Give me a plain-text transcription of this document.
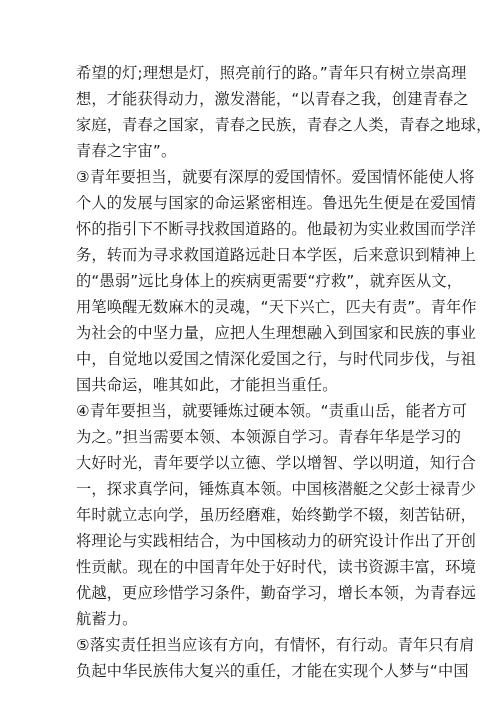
希望的灯;理想是灯，照亮前行的路。”青年只有树立崇高理
想，才能获得动力，激发潜能，“以青春之我，创建青春之
家庭，青春之国家，青春之民族，青春之人类，青春之地球，
青春之宇宙”。
③青年要担当，就要有深厚的爱国情怀。爱国情怀能使人将
个人的发展与国家的命运紧密相连。鲁迅先生便是在爱国情
怀的指引下不断寻找救国道路的。他最初为实业救国而学洋
务，转而为寻求救国道路远赴日本学医，后来意识到精神上
的“愚弱”远比身体上的疾病更需要“疗救”，就弃医从文，
用笔唤醒无数麻木的灵魂，“天下兴亡，匹夫有责”。青年作
为社会的中坚力量，应把人生理想融入到国家和民族的事业
中，自觉地以爱国之情深化爱国之行，与时代同步伐，与祖
国共命运，唯其如此，才能担当重任。
④青年要担当，就要锤炼过硬本领。“责重山岳，能者方可
为之。”担当需要本领、本领源自学习。青春年华是学习的
大好时光，青年要学以立德、学以增智、学以明道，知行合
一，探求真学问，锤炼真本领。中国核潜艇之父彭士禄青少
年时就立志向学，虽历经磨难，始终勤学不辍，刻苦钻研，
将理论与实践相结合，为中国核动力的研究设计作出了开创
性贡献。现在的中国青年处于好时代，读书资源丰富，环境
优越，更应珍惜学习条件，勤奋学习，增长本领，为青春远
航蓄力。
⑤落实责任担当应该有方向，有情怀，有行动。青年只有肩
负起中华民族伟大复兴的重任，才能在实现个人梦与“中国
